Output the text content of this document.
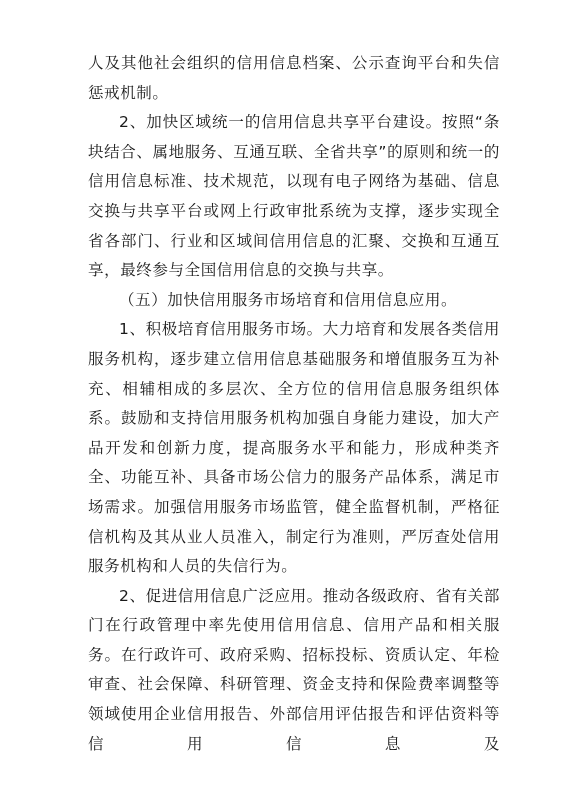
人及其他社会组织的信用信息档案、公示查询平台和失信惩戒机制。

2、加快区域统一的信用信息共享平台建设。按照“条块结合、属地服务、互通互联、全省共享”的原则和统一的信用信息标准、技术规范，以现有电子网络为基础、信息交换与共享平台或网上行政审批系统为支撑，逐步实现全省各部门、行业和区域间信用信息的汇聚、交换和互通互享，最终参与全国信用信息的交换与共享。

（五）加快信用服务市场培育和信用信息应用。

1、积极培育信用服务市场。大力培育和发展各类信用服务机构，逐步建立信用信息基础服务和增值服务互为补充、相辅相成的多层次、全方位的信用信息服务组织体系。鼓励和支持信用服务机构加强自身能力建设，加大产品开发和创新力度，提高服务水平和能力，形成种类齐全、功能互补、具备市场公信力的服务产品体系，满足市场需求。加强信用服务市场监管，健全监督机制，严格征信机构及其从业人员准入，制定行为准则，严厉查处信用服务机构和人员的失信行为。

2、促进信用信息广泛应用。推动各级政府、省有关部门在行政管理中率先使用信用信息、信用产品和相关服务。在行政许可、政府采购、招标投标、资质认定、年检审查、社会保障、科研管理、资金支持和保险费率调整等领域使用企业信用报告、外部信用评估报告和评估资料等信用信息及
